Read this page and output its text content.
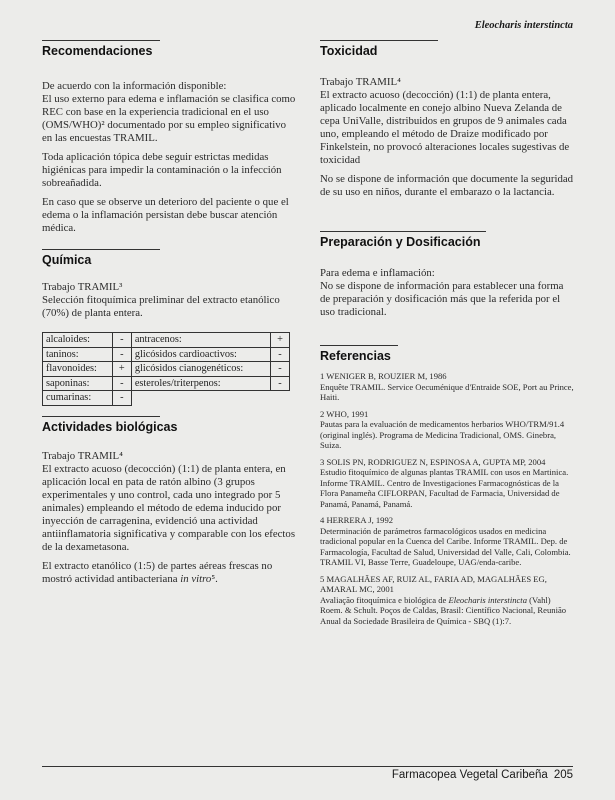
Eleocharis interstincta
Recomendaciones

De acuerdo con la información disponible:

El uso externo para edema e inflamación se clasifica como REC con base en la experiencia tradicional en el uso (OMS/WHO)² documentado por su empleo significativo en las encuestas TRAMIL.

Toda aplicación tópica debe seguir estrictas medidas higiénicas para impedir la contaminación o la infección sobreañadida.

En caso que se observe un deterioro del paciente o que el edema o la inflamación persistan debe buscar atención médica.

Química

Trabajo TRAMIL³

Selección fitoquímica preliminar del extracto etanólico (70%) de planta entera.

alcaloides:	-	antracenos:	+
taninos:	-	glicósidos cardioactivos:	-
flavonoides:	+	glicósidos cianogenéticos:	-
saponinas:	-	esteroles/triterpenos:	-
cumarinas:	-		
Actividades biológicas

Trabajo TRAMIL⁴

El extracto acuoso (decocción) (1:1) de planta entera, en aplicación local en pata de ratón albino (3 grupos experimentales y uno control, cada uno integrado por 5 animales) empleando el método de edema inducido por inyección de carragenina, evidenció una actividad antiinflamatoria significativa y comparable con los efectos de la dexametasona.

El extracto etanólico (1:5) de partes aéreas frescas no mostró actividad antibacteriana in vitro⁵.

Toxicidad

Trabajo TRAMIL⁴

El extracto acuoso (decocción) (1:1) de planta entera, aplicado localmente en conejo albino Nueva Zelanda de cepa UniValle, distribuidos en grupos de 9 animales cada uno, empleando el método de Draize modificado por Finkelstein, no provocó alteraciones locales sugestivas de toxicidad

No se dispone de información que documente la seguridad de su uso en niños, durante el embarazo o la lactancia.

Preparación y Dosificación

Para edema e inflamación:

No se dispone de información para establecer una forma de preparación y dosificación más que la referida por el uso tradicional.

Referencias

1 WENIGER B, ROUZIER M, 1986

Enquête TRAMIL. Service Oecuménique d'Entraide SOE, Port au Prince, Haiti.

2 WHO, 1991

Pautas para la evaluación de medicamentos herbarios WHO/TRM/91.4 (original inglés). Programa de Medicina Tradicional, OMS. Ginebra, Suiza.

3 SOLIS PN, RODRIGUEZ N, ESPINOSA A, GUPTA MP, 2004

Estudio fitoquímico de algunas plantas TRAMIL con usos en Martinica. Informe TRAMIL. Centro de Investigaciones Farmacognósticas de la Flora Panameña CIFLORPAN, Facultad de Farmacia, Universidad de Panamá, Panamá, Panamá.

4 HERRERA J, 1992

Determinación de parámetros farmacológicos usados en medicina tradicional popular en la Cuenca del Caribe. Informe TRAMIL. Dep. de Farmacología, Facultad de Salud, Universidad del Valle, Cali, Colombia. TRAMIL VI, Basse Terre, Guadeloupe, UAG/enda-caribe.

5 MAGALHÃES AF, RUIZ AL, FARIA AD, MAGALHÃES EG, AMARAL MC, 2001

Avaliação fitoquímica e biológica de Eleocharis interstincta (Vahl) Roem. & Schult. Poços de Caldas, Brasil: Científico Nacional, Reunião Anual da Sociedade Brasileira de Química - SBQ (1):7.

Farmacopea Vegetal Caribeña 205
